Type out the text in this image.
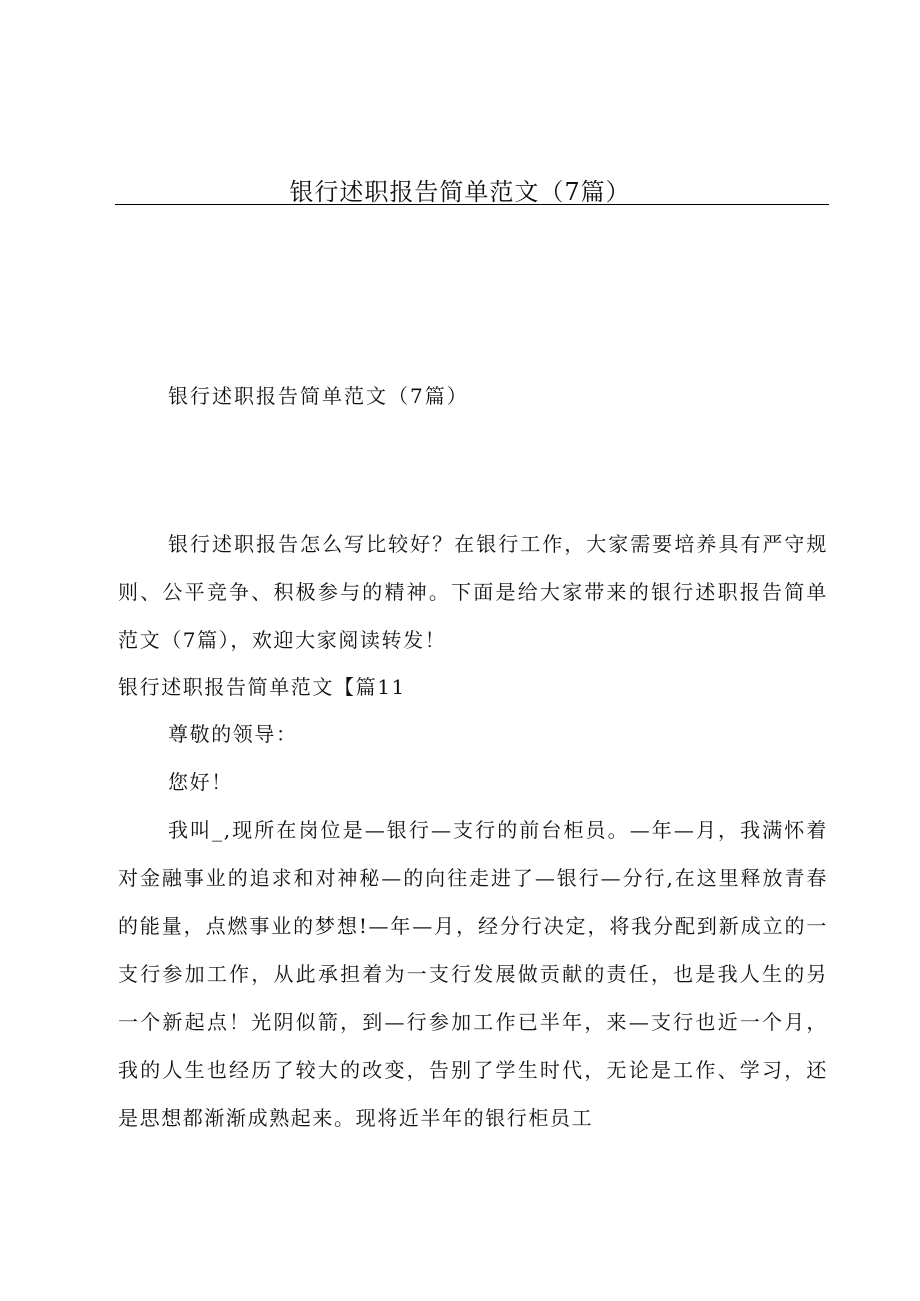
银行述职报告简单范文（7篇）
银行述职报告简单范文（7篇）

银行述职报告怎么写比较好？在银行工作，大家需要培养具有严守规则、公平竞争、积极参与的精神。下面是给大家带来的银行述职报告简单范文（7篇），欢迎大家阅读转发！

银行述职报告简单范文【篇11

尊敬的领导：

您好！

我叫_,现所在岗位是—银行—支行的前台柜员。—年—月，我满怀着对金融事业的追求和对神秘—的向往走进了—银行—分行,在这里释放青春的能量，点燃事业的梦想!—年—月，经分行决定，将我分配到新成立的一支行参加工作，从此承担着为一支行发展做贡献的责任，也是我人生的另一个新起点！光阴似箭，到—行参加工作已半年，来—支行也近一个月，我的人生也经历了较大的改变，告别了学生时代，无论是工作、学习，还是思想都渐渐成熟起来。现将近半年的银行柜员工
